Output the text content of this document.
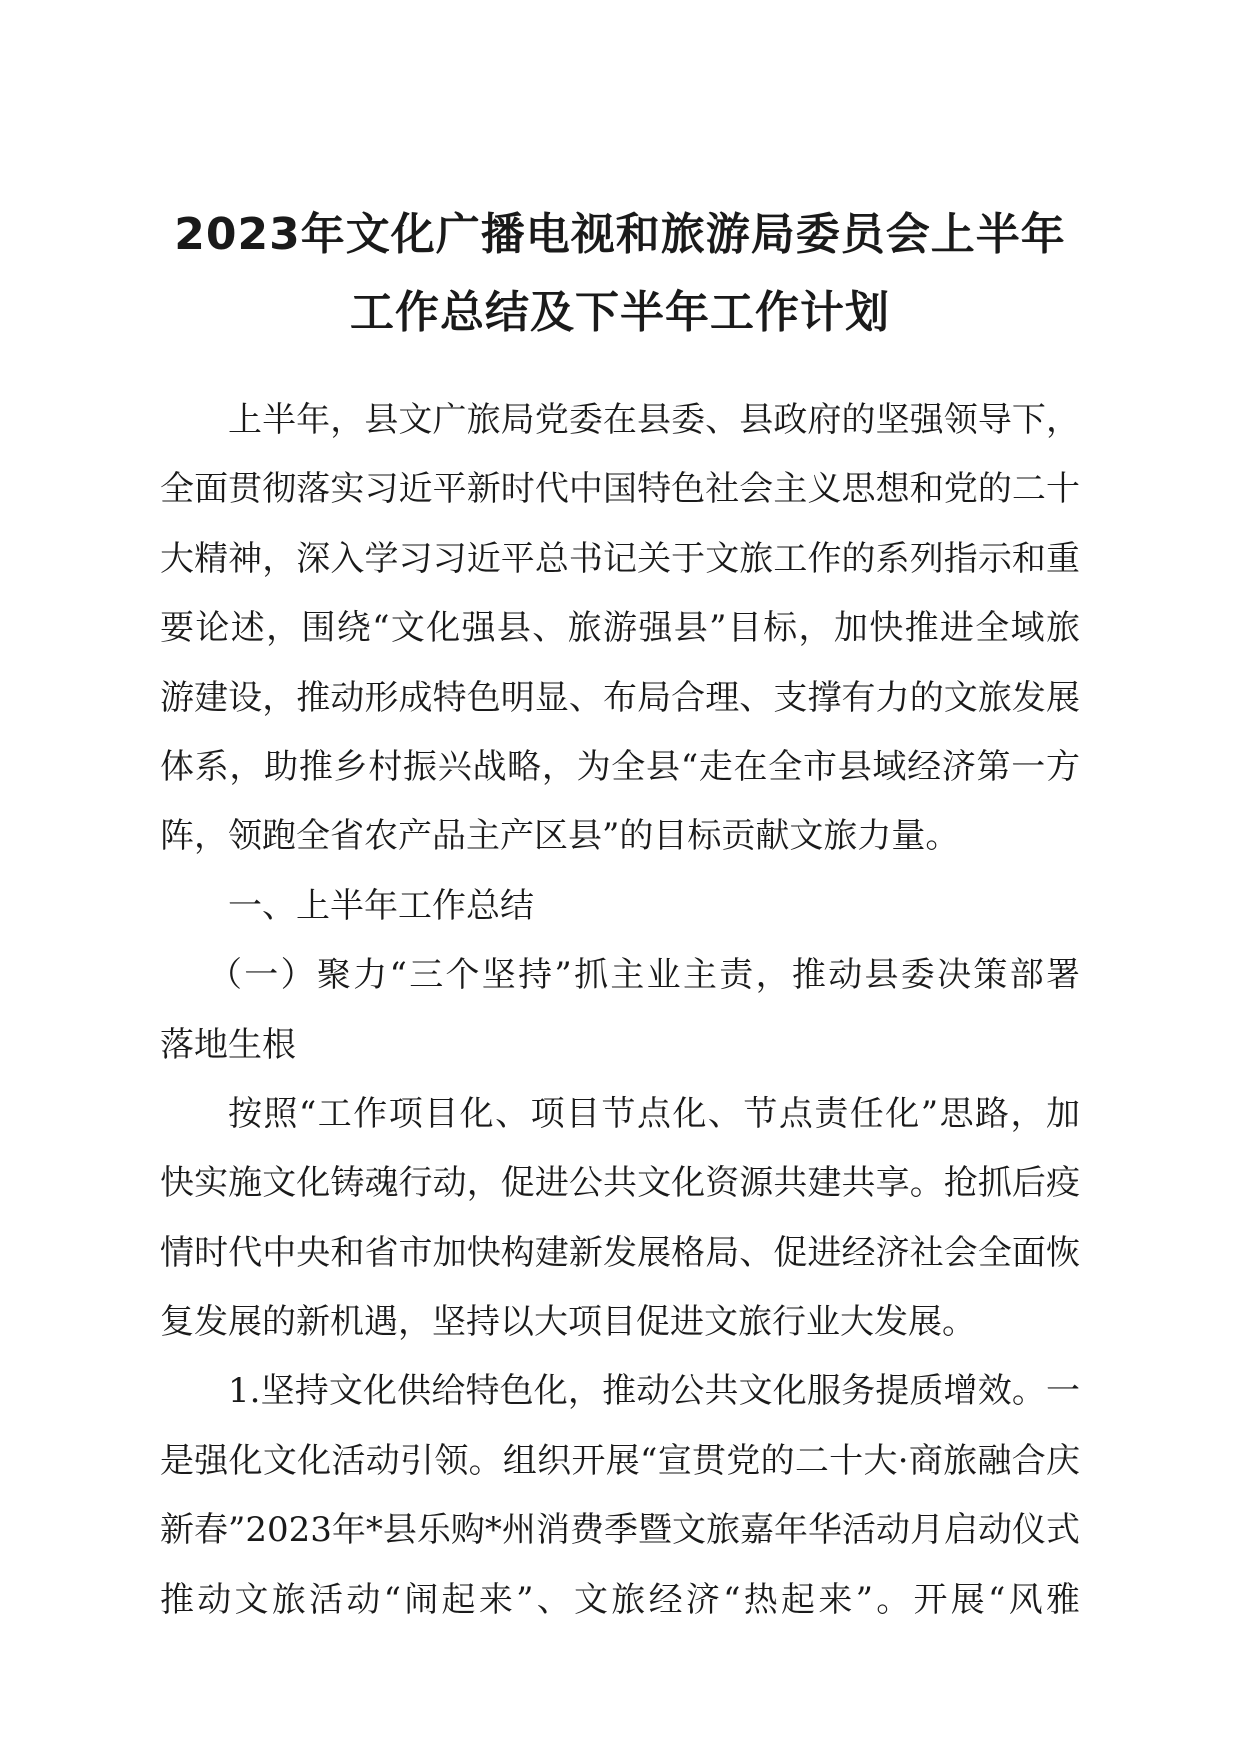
2023年文化广播电视和旅游局委员会上半年
工作总结及下半年工作计划
上半年，县文广旅局党委在县委、县政府的坚强领导下，
全面贯彻落实习近平新时代中国特色社会主义思想和党的二十
大精神，深入学习习近平总书记关于文旅工作的系列指示和重
要论述，围绕“文化强县、旅游强县”目标，加快推进全域旅
游建设，推动形成特色明显、布局合理、支撑有力的文旅发展
体系，助推乡村振兴战略，为全县“走在全市县域经济第一方
阵，领跑全省农产品主产区县”的目标贡献文旅力量。
一、上半年工作总结
（一）聚力“三个坚持”抓主业主责，推动县委决策部署
落地生根
按照“工作项目化、项目节点化、节点责任化”思路，加
快实施文化铸魂行动，促进公共文化资源共建共享。抢抓后疫
情时代中央和省市加快构建新发展格局、促进经济社会全面恢
复发展的新机遇，坚持以大项目促进文旅行业大发展。
1.坚持文化供给特色化，推动公共文化服务提质增效。一
是强化文化活动引领。组织开展“宣贯党的二十大·商旅融合庆
新春”2023年*县乐购*州消费季暨文旅嘉年华活动月启动仪式
推动文旅活动“闹起来”、文旅经济“热起来”。开展“风雅
